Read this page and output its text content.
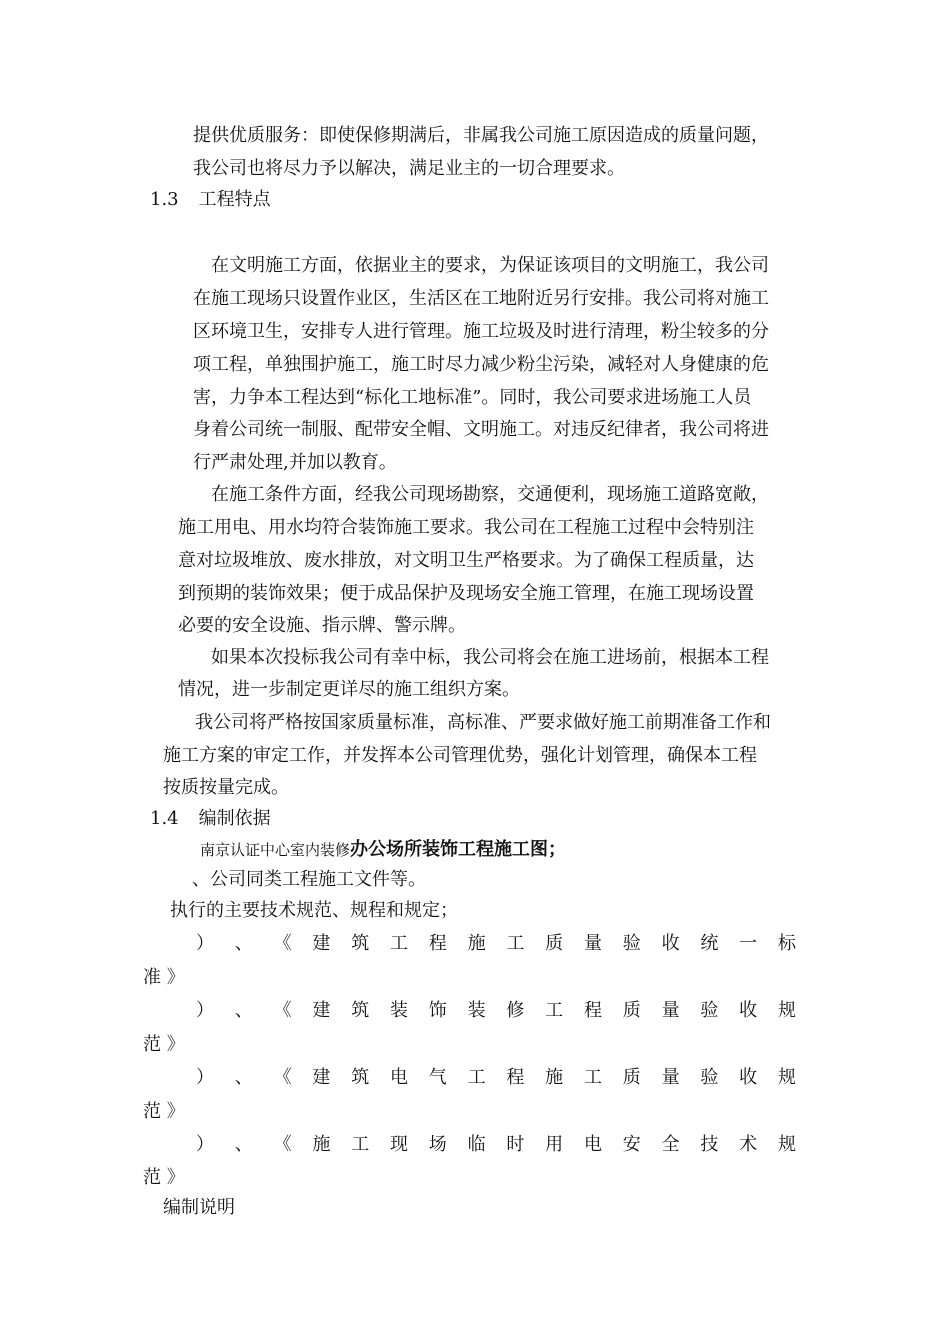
提供优质服务：即使保修期满后，非属我公司施工原因造成的质量问题，
我公司也将尽力予以解决，满足业主的一切合理要求。
1.3 工程特点
在文明施工方面，依据业主的要求，为保证该项目的文明施工，我公司
在施工现场只设置作业区，生活区在工地附近另行安排。我公司将对施工
区环境卫生，安排专人进行管理。施工垃圾及时进行清理，粉尘较多的分
项工程，单独围护施工，施工时尽力减少粉尘污染，减轻对人身健康的危
害，力争本工程达到“标化工地标准”。同时，我公司要求进场施工人员
身着公司统一制服、配带安全帽、文明施工。对违反纪律者，我公司将进
行严肃处理,并加以教育。
在施工条件方面，经我公司现场勘察，交通便利，现场施工道路宽敞，
施工用电、用水均符合装饰施工要求。我公司在工程施工过程中会特别注
意对垃圾堆放、废水排放，对文明卫生严格要求。为了确保工程质量，达
到预期的装饰效果；便于成品保护及现场安全施工管理，在施工现场设置
必要的安全设施、指示牌、警示牌。
如果本次投标我公司有幸中标，我公司将会在施工进场前，根据本工程
情况，进一步制定更详尽的施工组织方案。
我公司将严格按国家质量标准，高标准、严要求做好施工前期准备工作和
施工方案的审定工作，并发挥本公司管理优势，强化计划管理，确保本工程
按质按量完成。
1.4 编制依据
南京认证中心室内装修办公场所装饰工程施工图；
、公司同类工程施工文件等。
执行的主要技术规范、规程和规定；
） 、 《 建 筑 工 程 施 工 质 量 验 收 统 一 标
准 》
） 、 《 建 筑 装 饰 装 修 工 程 质 量 验 收 规
范 》
） 、 《 建 筑 电 气 工 程 施 工 质 量 验 收 规
范 》
） 、 《 施 工 现 场 临 时 用 电 安 全 技 术 规
范 》
编制说明
